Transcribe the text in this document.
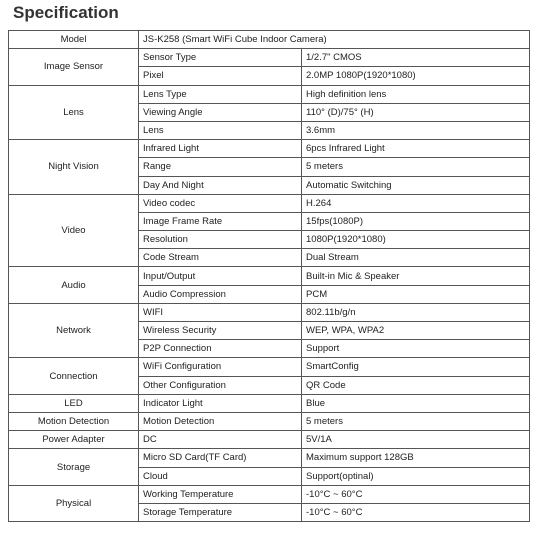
Specification
Model	JS-K258 (Smart WiFi Cube Indoor Camera)	
Image Sensor	Sensor Type	1/2.7" CMOS
	Pixel	2.0MP 1080P(1920*1080)
Lens	Lens Type	High definition lens
	Viewing Angle	110° (D)/75° (H)
	Lens	3.6mm
Night Vision	Infrared Light	6pcs Infrared Light
	Range	5 meters
	Day And Night	Automatic Switching
Video	Video codec	H.264
	Image Frame Rate	15fps(1080P)
	Resolution	1080P(1920*1080)
	Code Stream	Dual Stream
Audio	Input/Output	Built-in Mic & Speaker
	Audio Compression	PCM
Network	WIFI	802.11b/g/n
	Wireless Security	WEP, WPA, WPA2
	P2P Connection	Support
Connection	WiFi Configuration	SmartConfig
	Other Configuration	QR Code
LED	Indicator Light	Blue
Motion Detection	Motion Detection	5 meters
Power Adapter	DC	5V/1A
Storage	Micro SD Card(TF Card)	Maximum support 128GB
	Cloud	Support(optinal)
Physical	Working Temperature	-10°C ~ 60°C
	Storage Temperature	-10°C ~ 60°C
